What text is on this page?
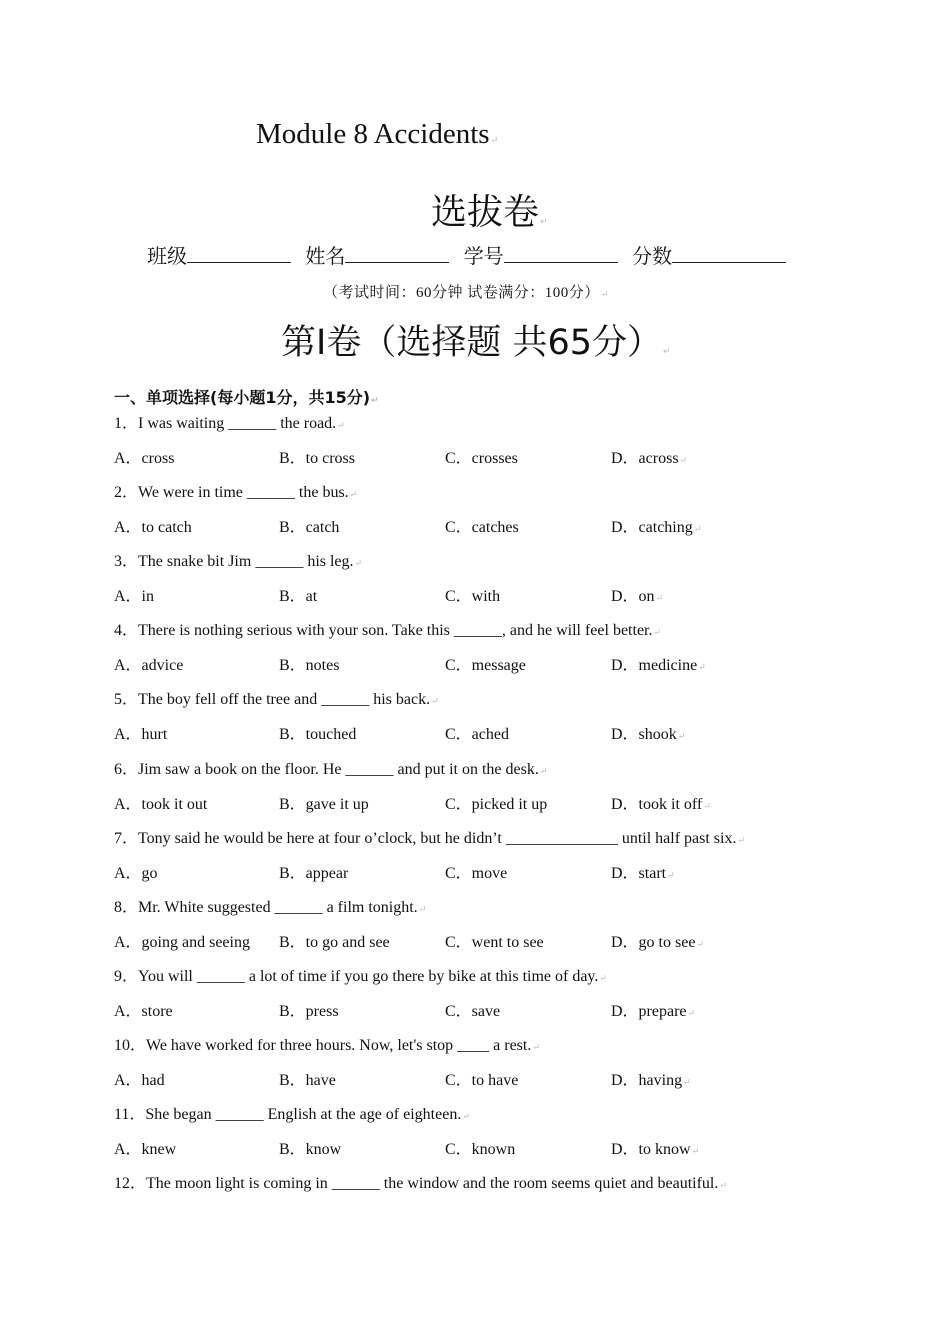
Module 8 Accidents↵
选拔卷↵
班级	姓名	学号	分数
（考试时间：60分钟 试卷满分：100分）↵
第Ⅰ卷（选择题 共65分）↵
一、单项选择(每小题1分，共15分)↵
1．I was waiting ______ the road.↵
A．cross	B．to cross	C．crosses	D．across↵
2．We were in time ______ the bus.↵
A．to catch	B．catch	C．catches	D．catching↵
3．The snake bit Jim ______ his leg.↵
A．in	B．at	C．with	D．on↵
4．There is nothing serious with your son. Take this ______, and he will feel better.↵
A．advice	B．notes	C．message	D．medicine↵
5．The boy fell off the tree and ______ his back.↵
A．hurt	B．touched	C．ached	D．shook↵
6．Jim saw a book on the floor. He ______ and put it on the desk.↵
A．took it out	B．gave it up	C．picked it up	D．took it off↵
7．Tony said he would be here at four o’clock, but he didn’t ______________ until half past six.↵
A．go	B．appear	C．move	D．start↵
8．Mr. White suggested ______ a film tonight.↵
A．going and seeing B．to go and see	C．went to see	D．go to see↵
9．You will ______ a lot of time if you go there by bike at this time of day.↵
A．store	B．press	C．save	D．prepare↵
10．We have worked for three hours. Now, let's stop ____ a rest.↵
A．had	B．have	C．to have	D．having↵
11．She began ______ English at the age of eighteen.↵
A．knew	B．know	C．known	D．to know↵
12．The moon light is coming in ______ the window and the room seems quiet and beautiful.↵
